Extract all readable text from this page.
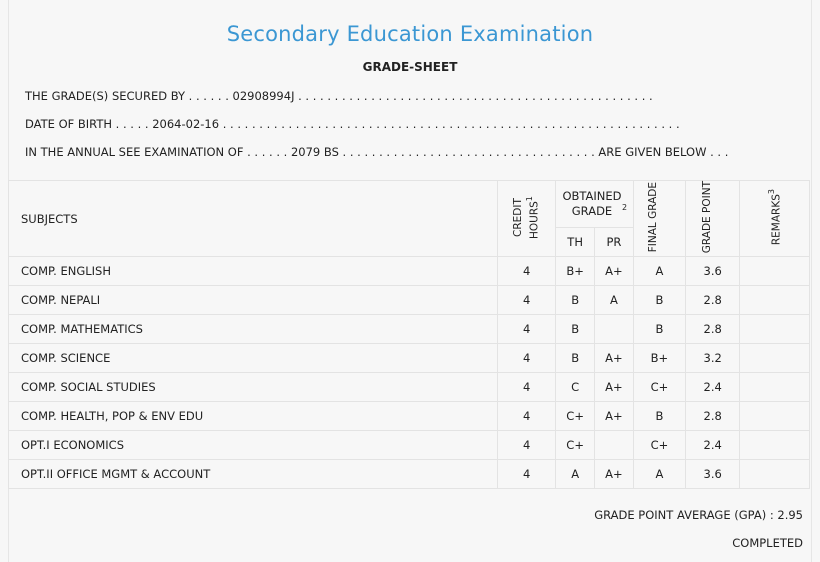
Secondary Education Examination
GRADE-SHEET
THE GRADE(S) SECURED BY . . . . . . 02908994J . . . . . . . . . . . . . . . . . . . . . . . . . . . . . . . . . . . . . . . . . . . . . . . . .
DATE OF BIRTH . . . . . 2064-02-16 . . . . . . . . . . . . . . . . . . . . . . . . . . . . . . . . . . . . . . . . . . . . . . . . . . . . . . . . . . . . . . .
IN THE ANNUAL SEE EXAMINATION OF . . . . . . 2079 BS . . . . . . . . . . . . . . . . . . . . . . . . . . . . . . . . . . . ARE GIVEN BELOW . . .
SUBJECTS	CREDIT HOURS$^1$	OBTAINED GRADE $^2$		FINAL GRADE	GRADE POINT	REMARKS$^3$
		TH	PR			
COMP. ENGLISH	4	B+	A+	A	3.6	
COMP. NEPALI	4	B	A	B	2.8	
COMP. MATHEMATICS	4	B		B	2.8	
COMP. SCIENCE	4	B	A+	B+	3.2	
COMP. SOCIAL STUDIES	4	C	A+	C+	2.4	
COMP. HEALTH, POP & ENV EDU	4	C+	A+	B	2.8	
OPT.I ECONOMICS	4	C+		C+	2.4	
OPT.II OFFICE MGMT & ACCOUNT	4	A	A+	A	3.6	
GRADE POINT AVERAGE (GPA) : 2.95
COMPLETED
